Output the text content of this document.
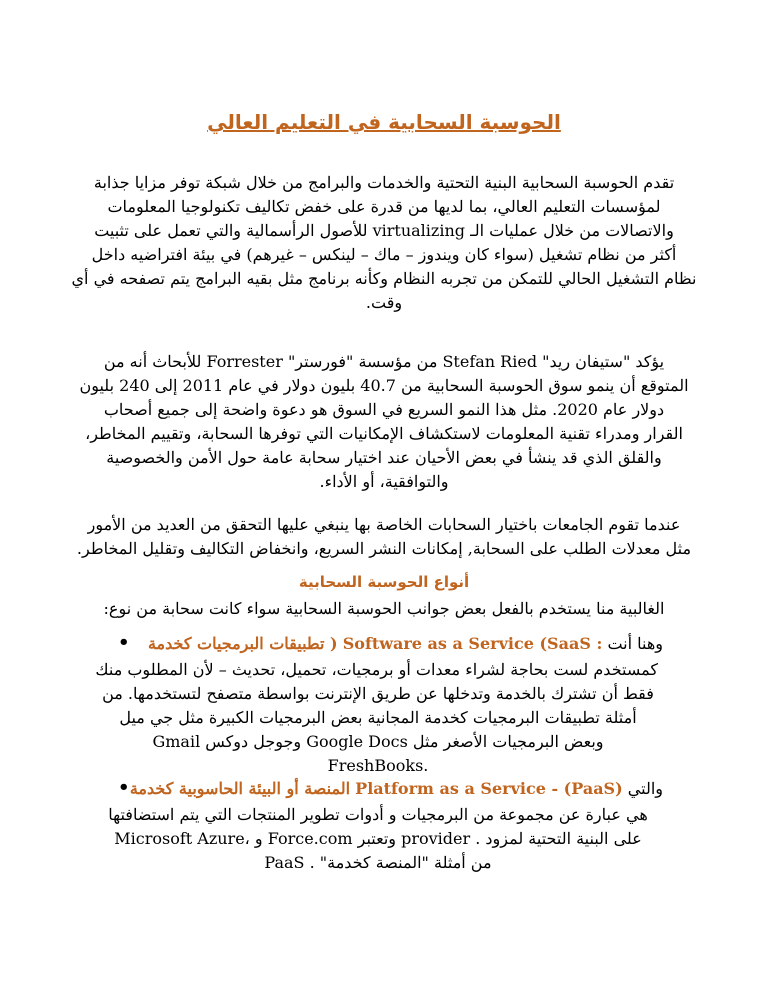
الحوسبة السحابية في التعليم العالي
تقدم الحوسبة السحابية البنية التحتية والخدمات والبرامج من خلال شبكة توفر مزايا جذابة
لمؤسسات التعليم العالي، بما لديها من قدرة على خفض تكاليف تكنولوجيا المعلومات
والاتصالات من خلال عمليات الـ virtualizing للأصول الرأسمالية والتي تعمل على تثبيت
أكثر من نظام تشغيل (سواء كان ويندوز – ماك – لينكس – غيرهم) في بيئة افتراضيه داخل
نظام التشغيل الحالي للتمكن من تجربه النظام وكأنه برنامج مثل بقيه البرامج يتم تصفحه في أي
وقت.
يؤكد "ستيفان ريد" Stefan Ried من مؤسسة "فورستر" Forrester للأبحاث أنه من
المتوقع أن ينمو سوق الحوسبة السحابية من 40.7 بليون دولار في عام 2011 إلى 240 بليون
دولار عام 2020. مثل هذا النمو السريع في السوق هو دعوة واضحة إلى جميع أصحاب
القرار ومدراء تقنية المعلومات لاستكشاف الإمكانيات التي توفرها السحابة، وتقييم المخاطر،
والقلق الذي قد ينشأ في بعض الأحيان عند اختيار سحابة عامة حول الأمن والخصوصية
والتوافقية، أو الأداء.
عندما تقوم الجامعات باختيار السحابات الخاصة بها ينبغي عليها التحقق من العديد من الأمور
مثل معدلات الطلب على السحابة, إمكانات النشر السريع، وانخفاض التكاليف وتقليل المخاطر.
أنواع الحوسبة السحابية
الغالبية منا يستخدم بالفعل بعض جوانب الحوسبة السحابية سواء كانت سحابة من نوع:
•	وهنا أنت Software as a Service (SaaS : ( تطبيقات البرمجيات كخدمة
كمستخدم لست بحاجة لشراء معدات أو برمجيات، تحميل، تحديث – لأن المطلوب منك
فقط أن تشترك بالخدمة وتدخلها عن طريق الإنترنت بواسطة متصفح لتستخدمها. من
أمثلة تطبيقات البرمجيات كخدمة المجانية بعض البرمجيات الكبيرة مثل جي ميل
Gmail وجوجل دوكس Google Docs وبعض البرمجيات الأصغر مثل
FreshBooks.
•	والتي Platform as a Service - (PaaS) المنصة أو البيئة الحاسوبية كخدمة
هي عبارة عن مجموعة من البرمجيات و أدوات تطوير المنتجات التي يتم استضافتها
Microsoft Azure، و Force.com وتعتبر provider . على البنية التحتية لمزود
PaaS . "من أمثلة "المنصة كخدمة
